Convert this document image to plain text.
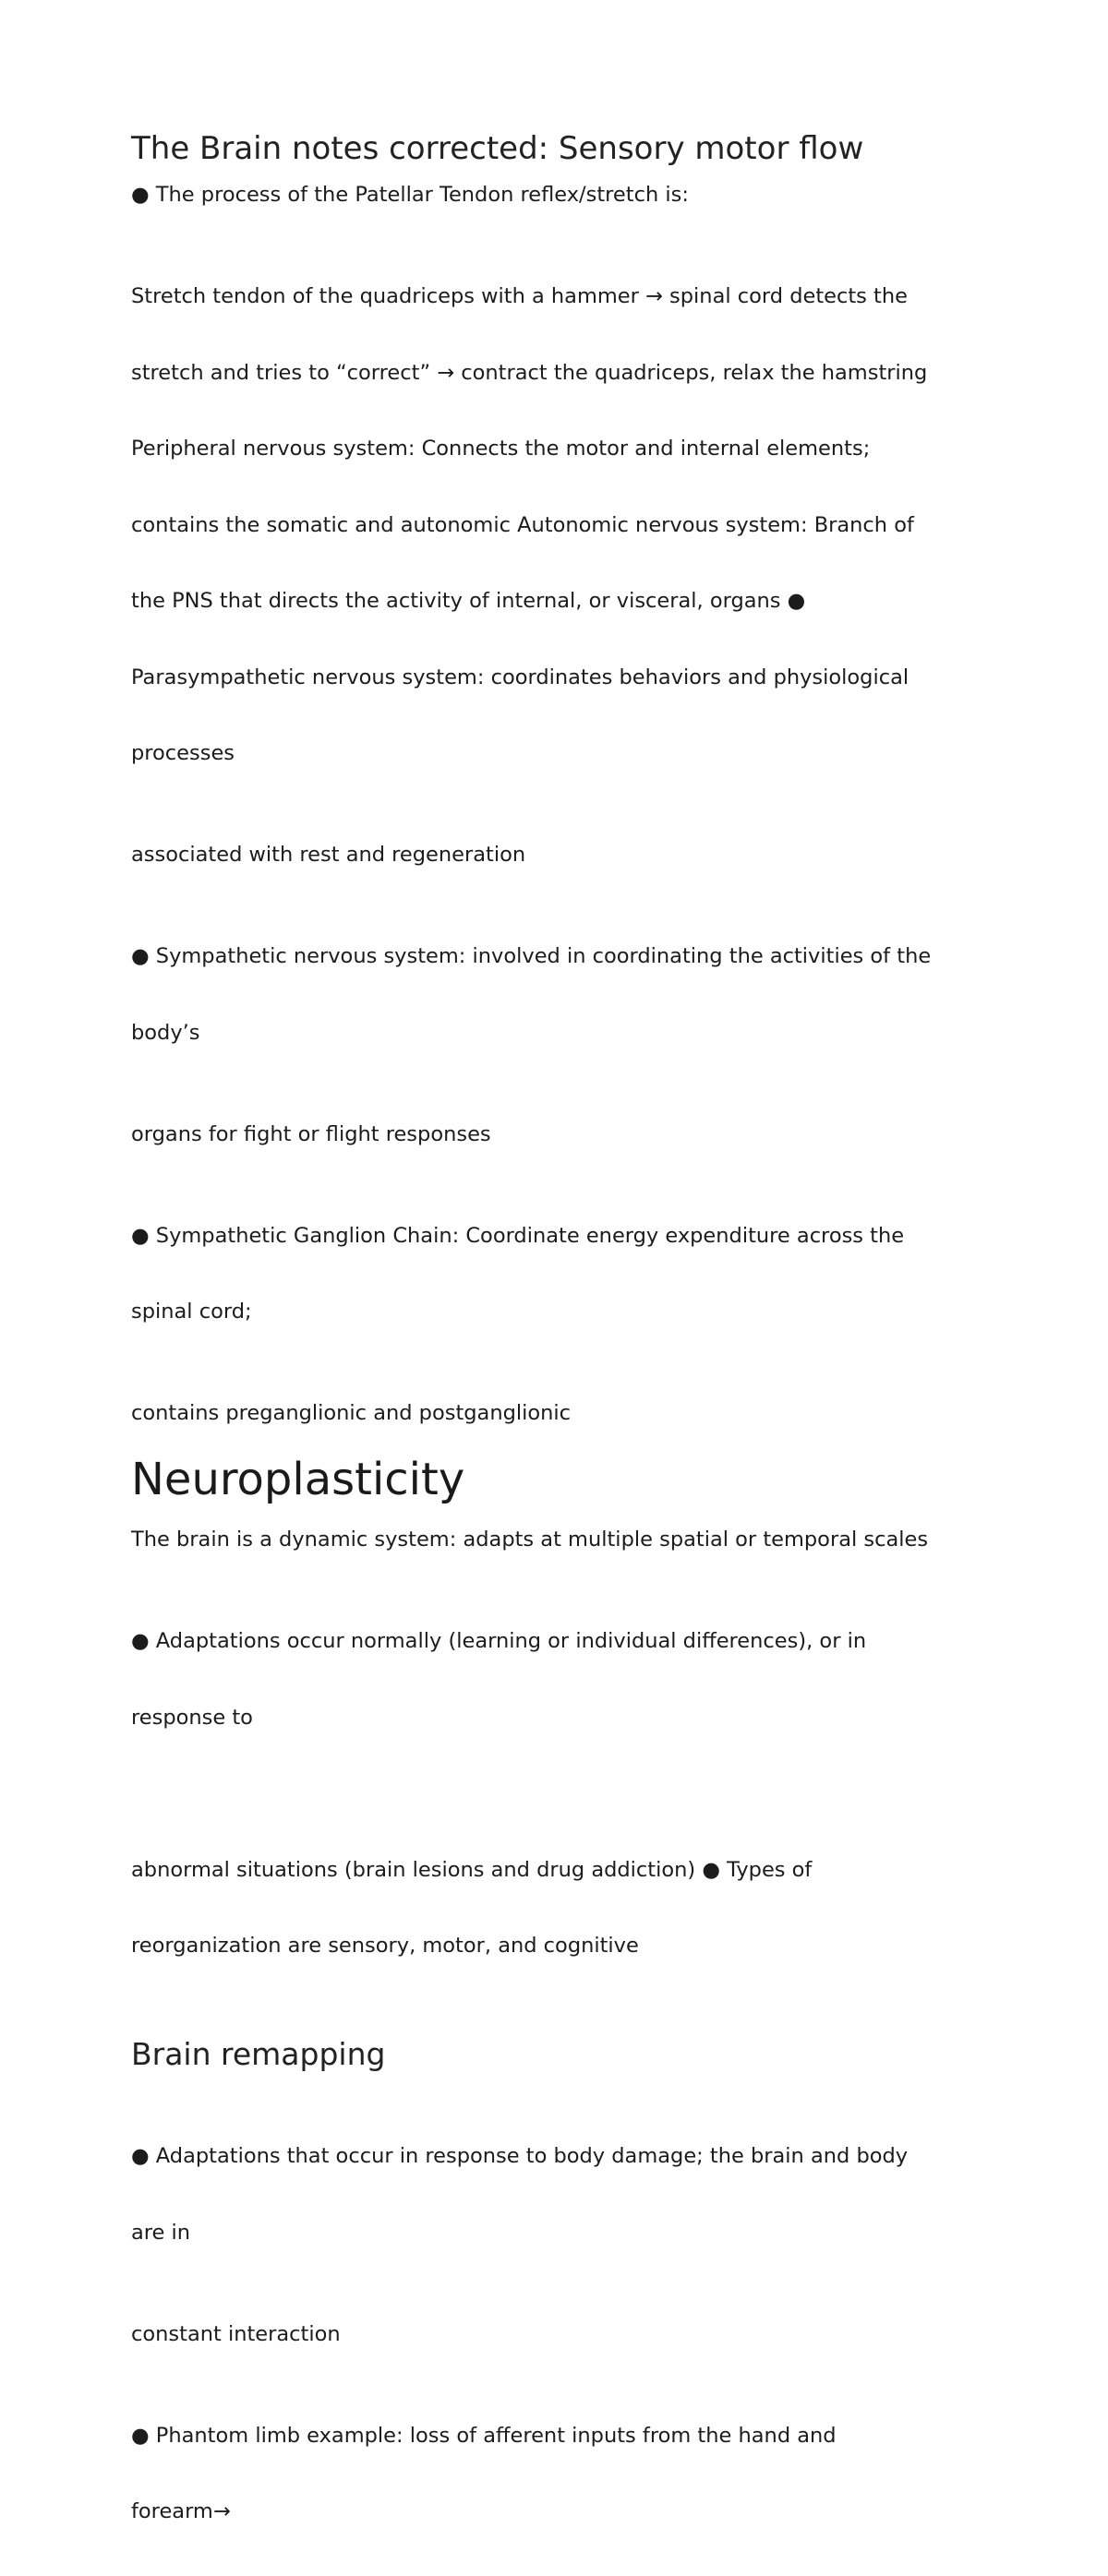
The Brain notes corrected: Sensory motor flow
● The process of the Patellar Tendon reflex/stretch is:

Stretch tendon of the quadriceps with a hammer → spinal cord detects the

stretch and tries to “correct” → contract the quadriceps, relax the hamstring

Peripheral nervous system: Connects the motor and internal elements;

contains the somatic and autonomic Autonomic nervous system: Branch of

the PNS that directs the activity of internal, or visceral, organs ●

Parasympathetic nervous system: coordinates behaviors and physiological

processes

associated with rest and regeneration

● Sympathetic nervous system: involved in coordinating the activities of the

body’s

organs for fight or flight responses

● Sympathetic Ganglion Chain: Coordinate energy expenditure across the

spinal cord;

contains preganglionic and postganglionic
Neuroplasticity
The brain is a dynamic system: adapts at multiple spatial or temporal scales

● Adaptations occur normally (learning or individual differences), or in

response to

abnormal situations (brain lesions and drug addiction) ● Types of

reorganization are sensory, motor, and cognitive

Brain remapping

● Adaptations that occur in response to body damage; the brain and body

are in

constant interaction

● Phantom limb example: loss of afferent inputs from the hand and

forearm→
